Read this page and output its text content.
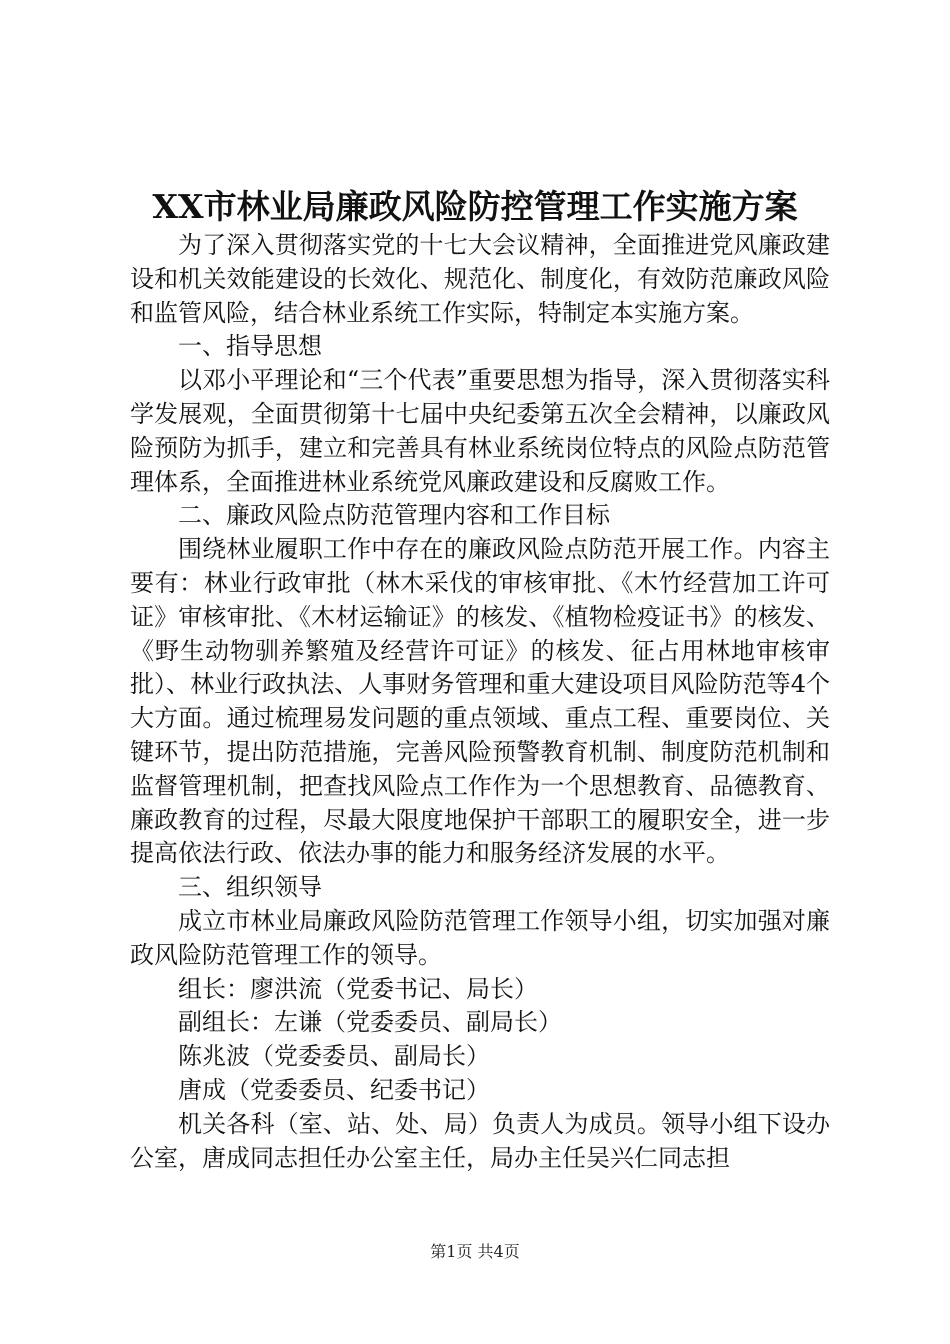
XX市林业局廉政风险防控管理工作实施方案

为了深入贯彻落实党的十七大会议精神，全面推进党风廉政建设和机关效能建设的长效化、规范化、制度化，有效防范廉政风险和监管风险，结合林业系统工作实际，特制定本实施方案。

一、指导思想

以邓小平理论和“三个代表”重要思想为指导，深入贯彻落实科学发展观，全面贯彻第十七届中央纪委第五次全会精神，以廉政风险预防为抓手，建立和完善具有林业系统岗位特点的风险点防范管理体系，全面推进林业系统党风廉政建设和反腐败工作。

二、廉政风险点防范管理内容和工作目标

围绕林业履职工作中存在的廉政风险点防范开展工作。内容主要有：林业行政审批（林木采伐的审核审批、《木竹经营加工许可证》审核审批、《木材运输证》的核发、《植物检疫证书》的核发、《野生动物驯养繁殖及经营许可证》的核发、征占用林地审核审批）、林业行政执法、人事财务管理和重大建设项目风险防范等4个大方面。通过梳理易发问题的重点领域、重点工程、重要岗位、关键环节，提出防范措施，完善风险预警教育机制、制度防范机制和监督管理机制，把查找风险点工作作为一个思想教育、品德教育、廉政教育的过程，尽最大限度地保护干部职工的履职安全，进一步提高依法行政、依法办事的能力和服务经济发展的水平。

三、组织领导

成立市林业局廉政风险防范管理工作领导小组，切实加强对廉政风险防范管理工作的领导。

组长：廖洪流（党委书记、局长）

副组长：左谦（党委委员、副局长）

陈兆波（党委委员、副局长）

唐成（党委委员、纪委书记）

机关各科（室、站、处、局）负责人为成员。领导小组下设办公室，唐成同志担任办公室主任，局办主任吴兴仁同志担

第1页 共4页
